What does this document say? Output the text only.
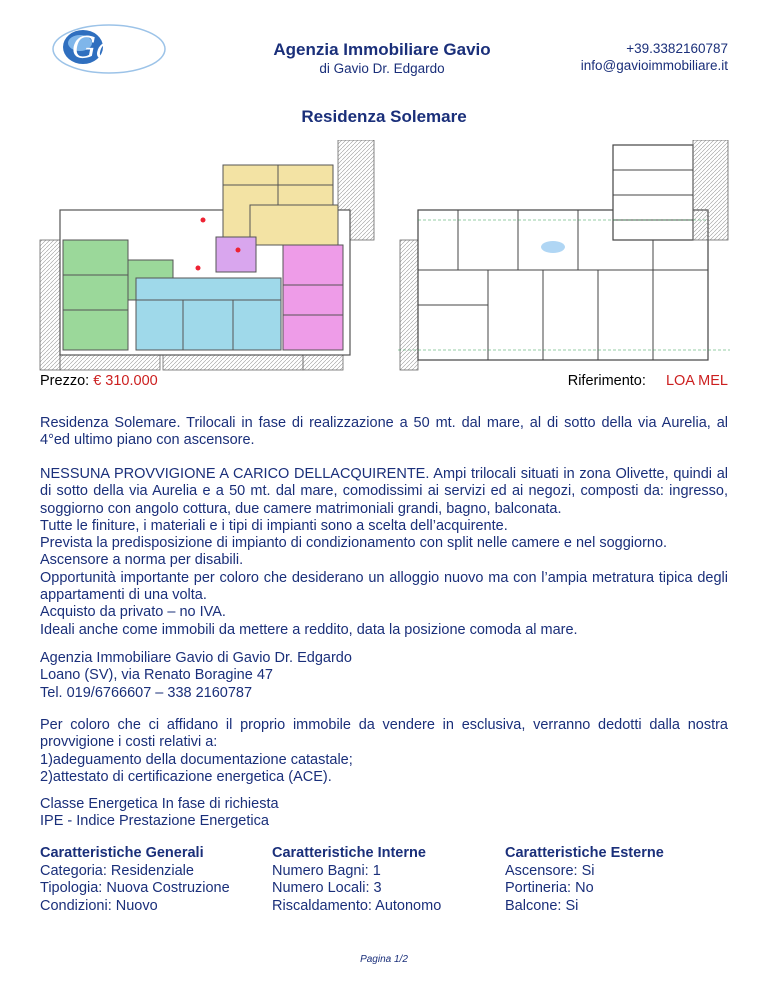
Gavio	Agenzia Immobiliare Gavio
di Gavio Dr. Edgardo
+39.3382160787
info@gavioimmobiliare.it
Residenza Solemare
Prezzo: € 310.000	Riferimento: LOA MEL

Residenza Solemare. Trilocali in fase di realizzazione a 50 mt. dal mare, al di sotto della via Aurelia, al 4°ed ultimo piano con ascensore.

NESSUNA PROVVIGIONE A CARICO DELLACQUIRENTE. Ampi trilocali situati in zona Olivette, quindi al di sotto della via Aurelia e a 50 mt. dal mare, comodissimi ai servizi ed ai negozi, composti da: ingresso, soggiorno con angolo cottura, due camere matrimoniali grandi, bagno, balconata.

Tutte le finiture, i materiali e i tipi di impianti sono a scelta dell’acquirente.

Prevista la predisposizione di impianto di condizionamento con split nelle camere e nel soggiorno.

Ascensore a norma per disabili.

Opportunità importante per coloro che desiderano un alloggio nuovo ma con l’ampia metratura tipica degli appartamenti di una volta.

Acquisto da privato – no IVA.

Ideali anche come immobili da mettere a reddito, data la posizione comoda al mare.

Agenzia Immobiliare Gavio di Gavio Dr. Edgardo

Loano (SV), via Renato Boragine 47

Tel. 019/6766607 – 338 2160787

Per coloro che ci affidano il proprio immobile da vendere in esclusiva, verranno dedotti dalla nostra provvigione i costi relativi a:

1)adeguamento della documentazione catastale;

2)attestato di certificazione energetica (ACE).

Classe Energetica In fase di richiesta

IPE - Indice Prestazione Energetica

Caratteristiche Generali
Categoria: Residenziale
Tipologia: Nuova Costruzione
Condizioni: Nuovo
Caratteristiche Interne
Numero Bagni: 1
Numero Locali: 3
Riscaldamento: Autonomo
Caratteristiche Esterne
Ascensore: Si
Portineria: No
Balcone: Si
Pagina 1/2
